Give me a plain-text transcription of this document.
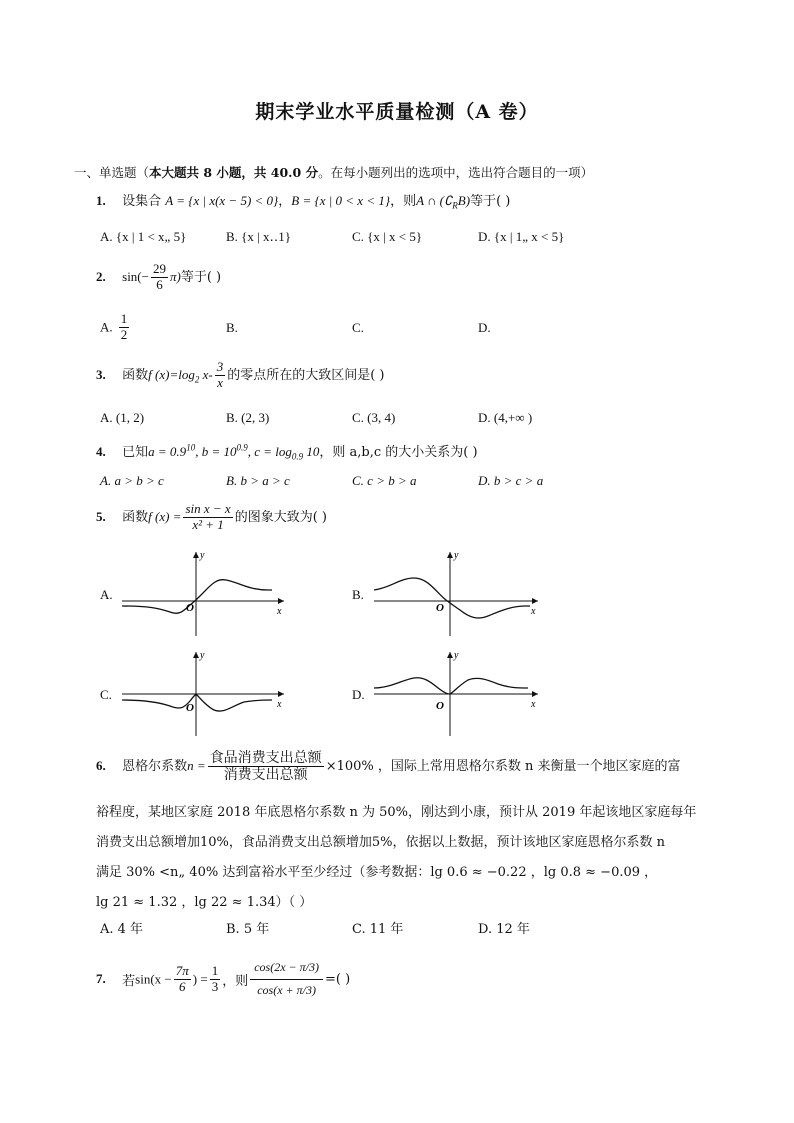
期末学业水平质量检测（A 卷）
一、单选题（本大题共 8 小题，共 40.0 分。在每小题列出的选项中，选出符合题目的一项）
1. 设集合 A = {x | x(x − 5) < 0}，B = {x | 0 < x < 1}，则A ∩ $(∁_RB)$等于( )
A. {x | 1 < x„ 5}	B. {x | x‥1}	C. {x | x < 5}	D. {x | 1„ x < 5}
2. $\sin(- \frac{29}{6} \pi)$等于( )
A. $\frac{1}{2}$	B.	C.	D.
3. 函数f $(x)=\log_2$ $x- \frac{3}{x}$ 的零点所在的大致区间是( )
A. (1, 2)	B. (2, 3)	C. (3, 4)	D. (4,+∞ )
4. 已知$a = 0.9^{10}$, $b = 10^{0.9}$, $c = \log_{0.9} 10$，则 a,b,c 的大小关系为( )
A. a > b > c	B. b > a > c	C. c > b > a	D. b > c > a
5. 函数f $(x) = \frac{\text{sin x − x}}{\text{x² + 1}}$ 的图象大致为( )
A.
y
x
O
B.
y
x
O
C.
y
x
O
D.
y
x
O
6. 恩格尔系数$n = \frac{\text{食品消费支出总额}}{\text{消费支出总额}} \times 100\%$ ，国际上常用恩格尔系数 n 来衡量一个地区家庭的富
裕程度，某地区家庭 2018 年底恩格尔系数 n 为 50%，刚达到小康，预计从 2019 年起该地区家庭每年
消费支出总额增加10%，食品消费支出总额增加5%，依据以上数据，预计该地区家庭恩格尔系数 n
满足 30% <n„ 40% 达到富裕水平至少经过（参考数据：lg 0.6 ≈ −0.22 ，lg 0.8 ≈ −0.09 ，
lg 21 ≈ 1.32 ，lg 22 ≈ 1.34）（ ）
A. 4 年	B. 5 年	C. 11 年	D. 12 年
7. 若$\sin(x - \frac{7\pi}{6}$ ) = $\frac{1}{3}$ ，则 $\frac{\cos(2x - \pi/3)}{\cos(x + \pi/3)}$ =( )
